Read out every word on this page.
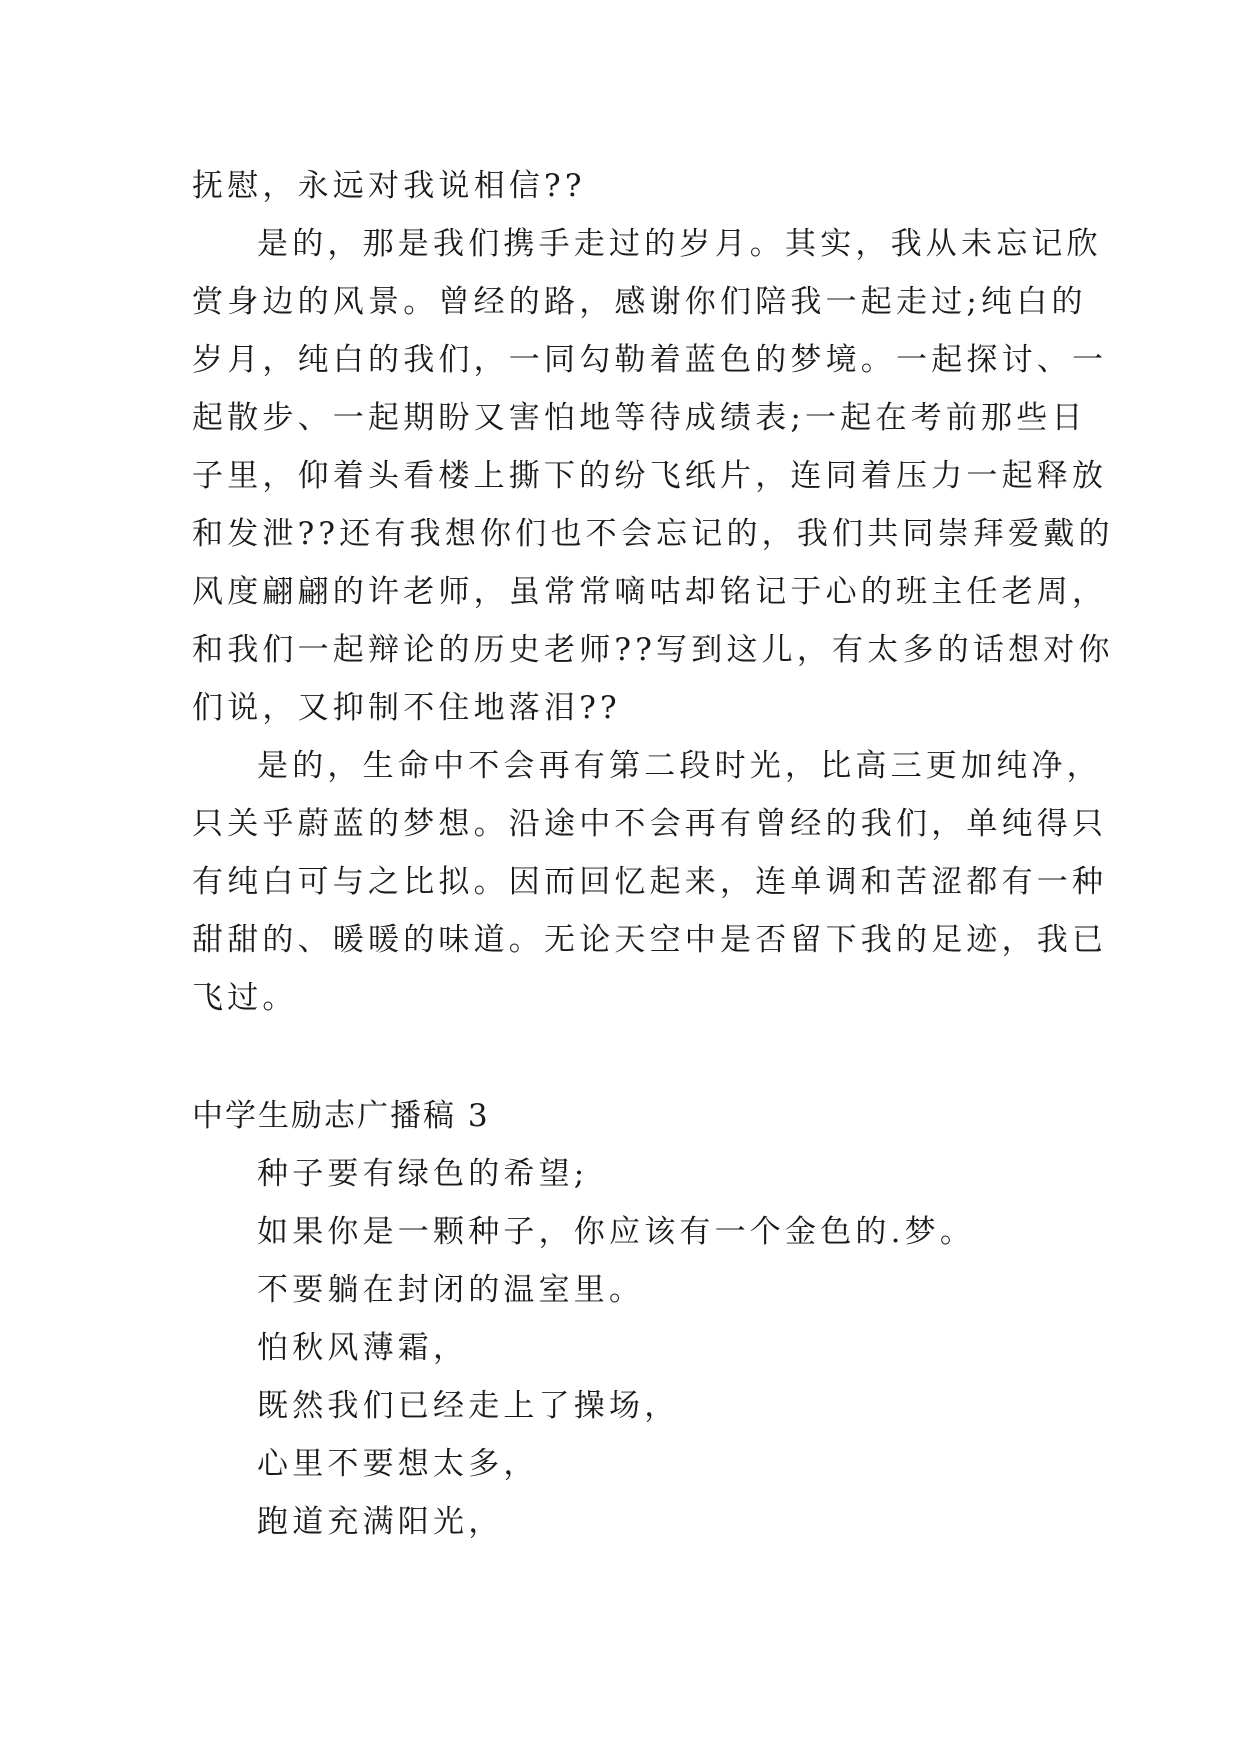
抚慰，永远对我说相信??
是的，那是我们携手走过的岁月。其实，我从未忘记欣
赏身边的风景。曾经的路，感谢你们陪我一起走过;纯白的
岁月，纯白的我们，一同勾勒着蓝色的梦境。一起探讨、一
起散步、一起期盼又害怕地等待成绩表;一起在考前那些日
子里，仰着头看楼上撕下的纷飞纸片，连同着压力一起释放
和发泄??还有我想你们也不会忘记的，我们共同崇拜爱戴的
风度翩翩的许老师，虽常常嘀咕却铭记于心的班主任老周，
和我们一起辩论的历史老师??写到这儿，有太多的话想对你
们说，又抑制不住地落泪??
是的，生命中不会再有第二段时光，比高三更加纯净，
只关乎蔚蓝的梦想。沿途中不会再有曾经的我们，单纯得只
有纯白可与之比拟。因而回忆起来，连单调和苦涩都有一种
甜甜的、暖暖的味道。无论天空中是否留下我的足迹，我已
飞过。
中学生励志广播稿 3
种子要有绿色的希望;
如果你是一颗种子，你应该有一个金色的.梦。
不要躺在封闭的温室里。
怕秋风薄霜，
既然我们已经走上了操场，
心里不要想太多，
跑道充满阳光，
